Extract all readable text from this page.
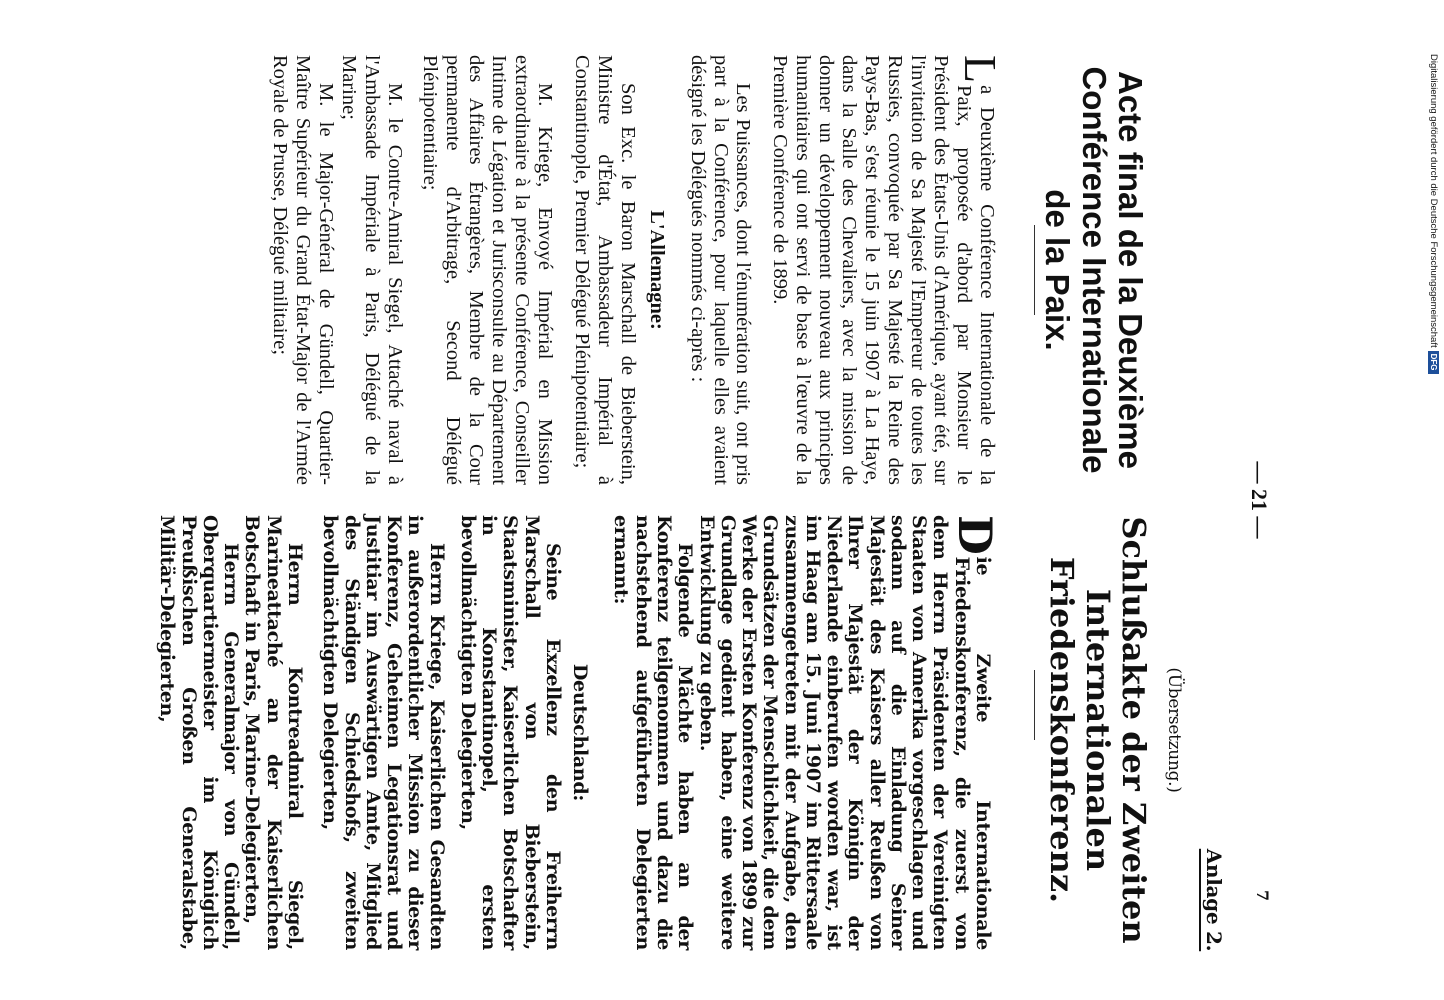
— 21 —
Anlage 2.
(Übersetzung.)
Acte final de la Deuxième Conférence Internationale de la Paix.
Schlußakte der Zweiten Internationalen Friedenskonferenz.

L
a Deuxième Conférence Internationale de la Paix, proposée d'abord par Monsieur le Président des États-Unis d'Amérique, ayant été, sur l'invitation de Sa Majesté l'Empereur de toutes les Russies, convoquée par Sa Majesté la Reine des Pays-Bas, s'est réunie le 15 juin 1907 à La Haye, dans la Salle des Chevaliers, avec la mission de donner un développement nouveau aux principes humanitaires qui ont servi de base à l'œuvre de la Première Conférence de 1899.

Les Puissances, dont l'énumération suit, ont pris part à la Conférence, pour laquelle elles avaient désigné les Délégués nommés ci-après :

L'Allemagne:

Son Exc. le Baron Marschall de Bieberstein, Ministre d'État, Ambassadeur Impérial à Constantinople, Premier Délégué Plénipotentiaire;

M. Kriege, Envoyé Impérial en Mission extraordinaire à la présente Conférence, Conseiller Intime de Légation et Jurisconsulte au Département des Affaires Étrangères, Membre de la Cour permanente d'Arbitrage, Second Délégué Plénipotentiaire;

M. le Contre-Amiral Siegel, Attaché naval à l'Ambassade Impériale à Paris, Délégué de la Marine;

M. le Major-Général de Gündell, Quartier-Maître Supérieur du Grand État-Major de l'Armée Royale de Prusse, Délégué militaire;

D
ie Zweite Internationale Friedenskonferenz, die zuerst von dem Herrn Präsidenten der Vereinigten Staaten von Amerika vorgeschlagen und sodann auf die Einladung Seiner Majestät des Kaisers aller Reußen von Ihrer Majestät der Königin der Niederlande einberufen worden war, ist im Haag am 15. Juni 1907 im Rittersaale zusammengetreten mit der Aufgabe, den Grundsätzen der Menschlichkeit, die dem Werke der Ersten Konferenz von 1899 zur Grundlage gedient haben, eine weitere Entwicklung zu geben.

Folgende Mächte haben an der Konferenz teilgenommen und dazu die nachstehend aufgeführten Delegierten ernannt:

Deutschland:

Seine Exzellenz den Freiherrn Marschall von Bieberstein, Staatsminister, Kaiserlichen Botschafter in Konstantinopel, ersten bevollmächtigten Delegierten,

Herrn Kriege, Kaiserlichen Gesandten in außerordentlicher Mission zu dieser Konferenz, Geheimen Legationsrat und Justitiar im Auswärtigen Amte, Mitglied des Ständigen Schiedshofs, zweiten bevollmächtigten Delegierten,

Herrn Kontreadmiral Siegel, Marineattaché an der Kaiserlichen Botschaft in Paris, Marine-Delegierten,

Herrn Generalmajor von Gündell, Oberquartiermeister im Königlich Preußischen Großen Generalstabe, Militär-Delegierten,

7
Digitalisierung gefördert durch die Deutsche ForschungsgemeinschaftDFG
